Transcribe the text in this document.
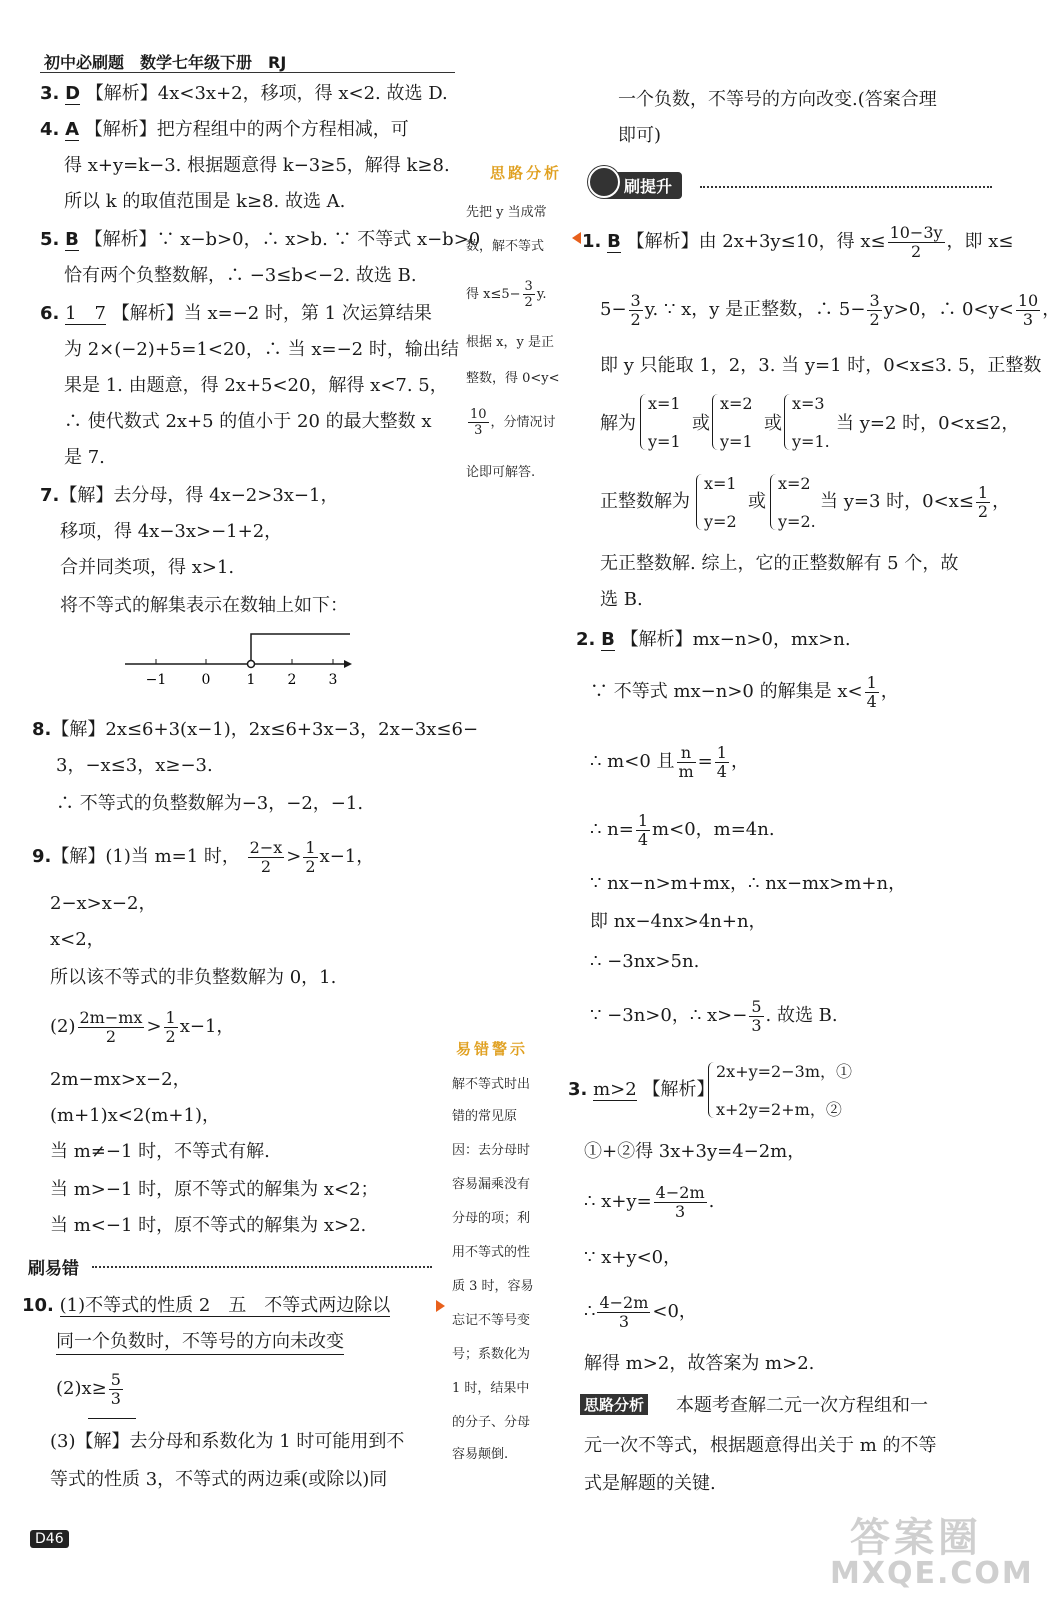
初中必刷题　数学七年级下册　RJ
3. D 【解析】4x<3x+2，移项，得 x<2. 故选 D.
4. A 【解析】把方程组中的两个方程相减，可
得 x+y=k−3. 根据题意得 k−3≥5，解得 k≥8.
所以 k 的取值范围是 k≥8. 故选 A.
5. B 【解析】∵ x−b>0，∴ x>b. ∵ 不等式 x−b>0
恰有两个负整数解，∴ −3≤b<−2. 故选 B.
6. 1　7 【解析】当 x=−2 时，第 1 次运算结果
为 2×(−2)+5=1<20，∴ 当 x=−2 时，输出结
果是 1. 由题意，得 2x+5<20，解得 x<7. 5，
∴ 使代数式 2x+5 的值小于 20 的最大整数 x
是 7.
7.【解】去分母，得 4x−2>3x−1，
移项，得 4x−3x>−1+2，
合并同类项，得 x>1.
将不等式的解集表示在数轴上如下：
−1	0	1 2 3
8.【解】2x≤6+3(x−1)，2x≤6+3x−3，2x−3x≤6−
3，−x≤3，x≥−3.
∴ 不等式的负整数解为−3，−2，−1.
9.【解】(1)当 m=1 时， $\frac{2-x}{2} > \frac{1}{2} x-1$，
2−x>x−2，
x<2，
所以该不等式的非负整数解为 0，1.
$(2) \frac{2m-mx}{2} > \frac{1}{2} x-1$，
2m−mx>x−2，
(m+1)x<2(m+1)，
当 m≠−1 时，不等式有解.
当 m>−1 时，原不等式的解集为 x<2；
当 m<−1 时，原不等式的解集为 x>2.
刷易错
10. (1)不等式的性质 2　五　不等式两边除以
同一个负数时，不等号的方向未改变
$(2)x\ge \frac{5}{3}$
(3)【解】去分母和系数化为 1 时可能用到不
等式的性质 3，不等式的两边乘(或除以)同
D46
思路分析
先把 y 当成常
数，解不等式
得 $x\le 5- \frac{3}{2} y$.
根据 x，y 是正
整数，得 0<y<
$\frac{10}{3}$ ，分情况讨
论即可解答.
易错警示
解不等式时出
错的常见原
因：去分母时
容易漏乘没有
分母的项；利
用不等式的性
质 3 时，容易
忘记不等号变
号；系数化为
1 时，结果中
的分子、分母
容易颠倒.
一个负数，不等号的方向改变.(答案合理
即可)
刷提升
1. B 【解析】由 2x+3y≤10，得 $x\le \frac{10-3y}{2}$ ，即 x≤
$5- \frac{3}{2} y$. ∵ x，y 是正整数，∴ $5- \frac{3}{2} y>0$，∴ $0<y< \frac{10}{3}$ ，
即 y 只能取 1，2，3. 当 y=1 时，0<x≤3. 5，正整数
解为
x=1
y=1
或
x=2
y=1
或
x=3
y=1.
当 y=2 时，0<x≤2，
正整数解为
x=1
y=2
或
x=2
y=2.
当 y=3 时，$0<x\le \frac{1}{2}$ ，
无正整数解. 综上，它的正整数解有 5 个，故
选 B.
2. B 【解析】mx−n>0，mx>n.
∵ 不等式 mx−n>0 的解集是 $x< \frac{1}{4}$ ，
∴ m<0 且 $\frac{n}{m} = \frac{1}{4}$ ，
∴ $n= \frac{1}{4} m<0$，m=4n.
∵ nx−n>m+mx，∴ nx−mx>m+n，
即 nx−4nx>4n+n，
∴ −3nx>5n.
∵ −3n>0，∴ $x>- \frac{5}{3}$ . 故选 B.
3. m>2 【解析】
2x+y=2−3m，①
x+2y=2+m，②
①+②得 3x+3y=4−2m，
∴ $x+y= \frac{4-2m}{3}$ .
∵ x+y<0，
∴ $\frac{4-2m}{3} <0$，
解得 m>2，故答案为 m>2.
思路分析 本题考查解二元一次方程组和一
元一次不等式，根据题意得出关于 m 的不等
式是解题的关键.
答案圈
MXQE.COM
